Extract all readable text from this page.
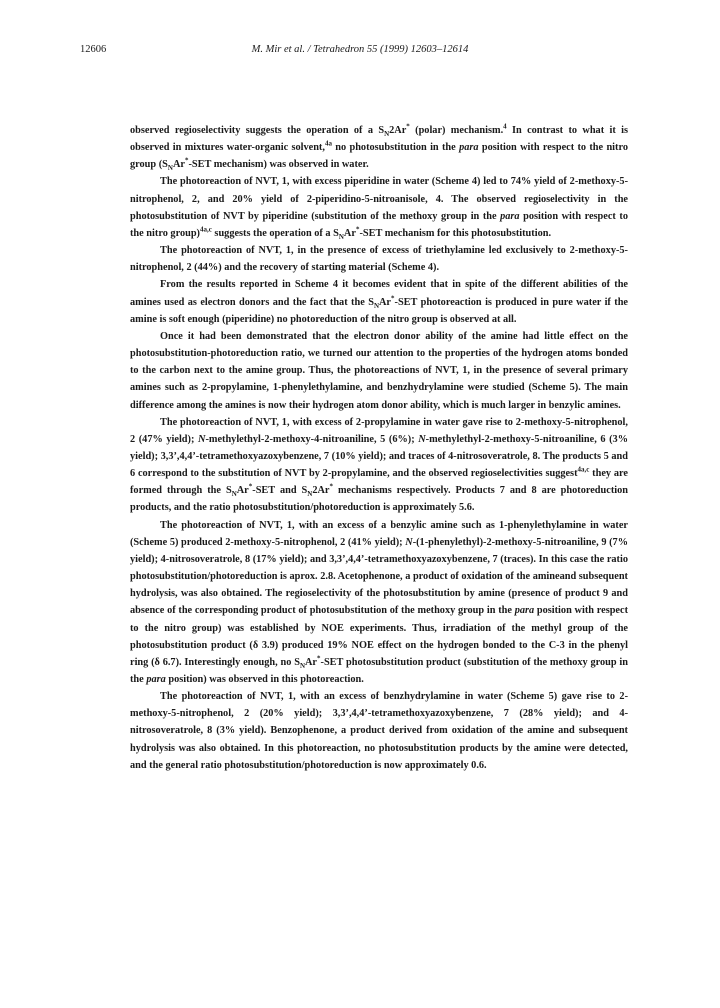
12606	M. Mir et al. / Tetrahedron 55 (1999) 12603–12614

observed regioselectivity suggests the operation of a $S_N2Ar^*$ (polar) mechanism.$^4$ In contrast to what it is observed in mixtures water-organic solvent,$^{4a}$ no photosubstitution in the para position with respect to the nitro group ($S_NAr^*$-SET mechanism) was observed in water.

The photoreaction of NVT, 1, with excess piperidine in water (Scheme 4) led to 74% yield of 2-methoxy-5-nitrophenol, 2, and 20% yield of 2-piperidino-5-nitroanisole, 4. The observed regioselectivity in the photosubstitution of NVT by piperidine (substitution of the methoxy group in the para position with respect to the nitro group)$^{4a,c}$ suggests the operation of a $S_NAr^*$-SET mechanism for this photosubstitution.

The photoreaction of NVT, 1, in the presence of excess of triethylamine led exclusively to 2-methoxy-5-nitrophenol, 2 (44%) and the recovery of starting material (Scheme 4).

From the results reported in Scheme 4 it becomes evident that in spite of the different abilities of the amines used as electron donors and the fact that the $S_NAr^*$-SET photoreaction is produced in pure water if the amine is soft enough (piperidine) no photoreduction of the nitro group is observed at all.

Once it had been demonstrated that the electron donor ability of the amine had little effect on the photosubstitution-photoreduction ratio, we turned our attention to the properties of the hydrogen atoms bonded to the carbon next to the amine group. Thus, the photoreactions of NVT, 1, in the presence of several primary amines such as 2-propylamine, 1-phenylethylamine, and benzhydrylamine were studied (Scheme 5). The main difference among the amines is now their hydrogen atom donor ability, which is much larger in benzylic amines.

The photoreaction of NVT, 1, with excess of 2-propylamine in water gave rise to 2-methoxy-5-nitrophenol, 2 (47% yield); N-methylethyl-2-methoxy-4-nitroaniline, 5 (6%); N-methylethyl-2-methoxy-5-nitroaniline, 6 (3% yield); 3,3’,4,4’-tetramethoxyazoxybenzene, 7 (10% yield); and traces of 4-nitrosoveratrole, 8. The products 5 and 6 correspond to the substitution of NVT by 2-propylamine, and the observed regioselectivities suggest$^{4a,c}$ they are formed through the $S_NAr^*$-SET and $S_N2Ar^*$ mechanisms respectively. Products 7 and 8 are photoreduction products, and the ratio photosubstitution/photoreduction is approximately 5.6.

The photoreaction of NVT, 1, with an excess of a benzylic amine such as 1-phenylethylamine in water (Scheme 5) produced 2-methoxy-5-nitrophenol, 2 (41% yield); N-(1-phenylethyl)-2-methoxy-5-nitroaniline, 9 (7% yield); 4-nitrosoveratrole, 8 (17% yield); and 3,3’,4,4’-tetramethoxyazoxybenzene, 7 (traces). In this case the ratio photosubstitution/photoreduction is aprox. 2.8. Acetophenone, a product of oxidation of the amineand subsequent hydrolysis, was also obtained. The regioselectivity of the photosubstitution by amine (presence of product 9 and absence of the corresponding product of photosubstitution of the methoxy group in the para position with respect to the nitro group) was established by NOE experiments. Thus, irradiation of the methyl group of the photosubstitution product (δ 3.9) produced 19% NOE effect on the hydrogen bonded to the C-3 in the phenyl ring (δ 6.7). Interestingly enough, no $S_NAr^*$-SET photosubstitution product (substitution of the methoxy group in the para position) was observed in this photoreaction.

The photoreaction of NVT, 1, with an excess of benzhydrylamine in water (Scheme 5) gave rise to 2-methoxy-5-nitrophenol, 2 (20% yield); 3,3’,4,4’-tetramethoxyazoxybenzene, 7 (28% yield); and 4-nitrosoveratrole, 8 (3% yield). Benzophenone, a product derived from oxidation of the amine and subsequent hydrolysis was also obtained. In this photoreaction, no photosubstitution products by the amine were detected, and the general ratio photosubstitution/photoreduction is now approximately 0.6.
